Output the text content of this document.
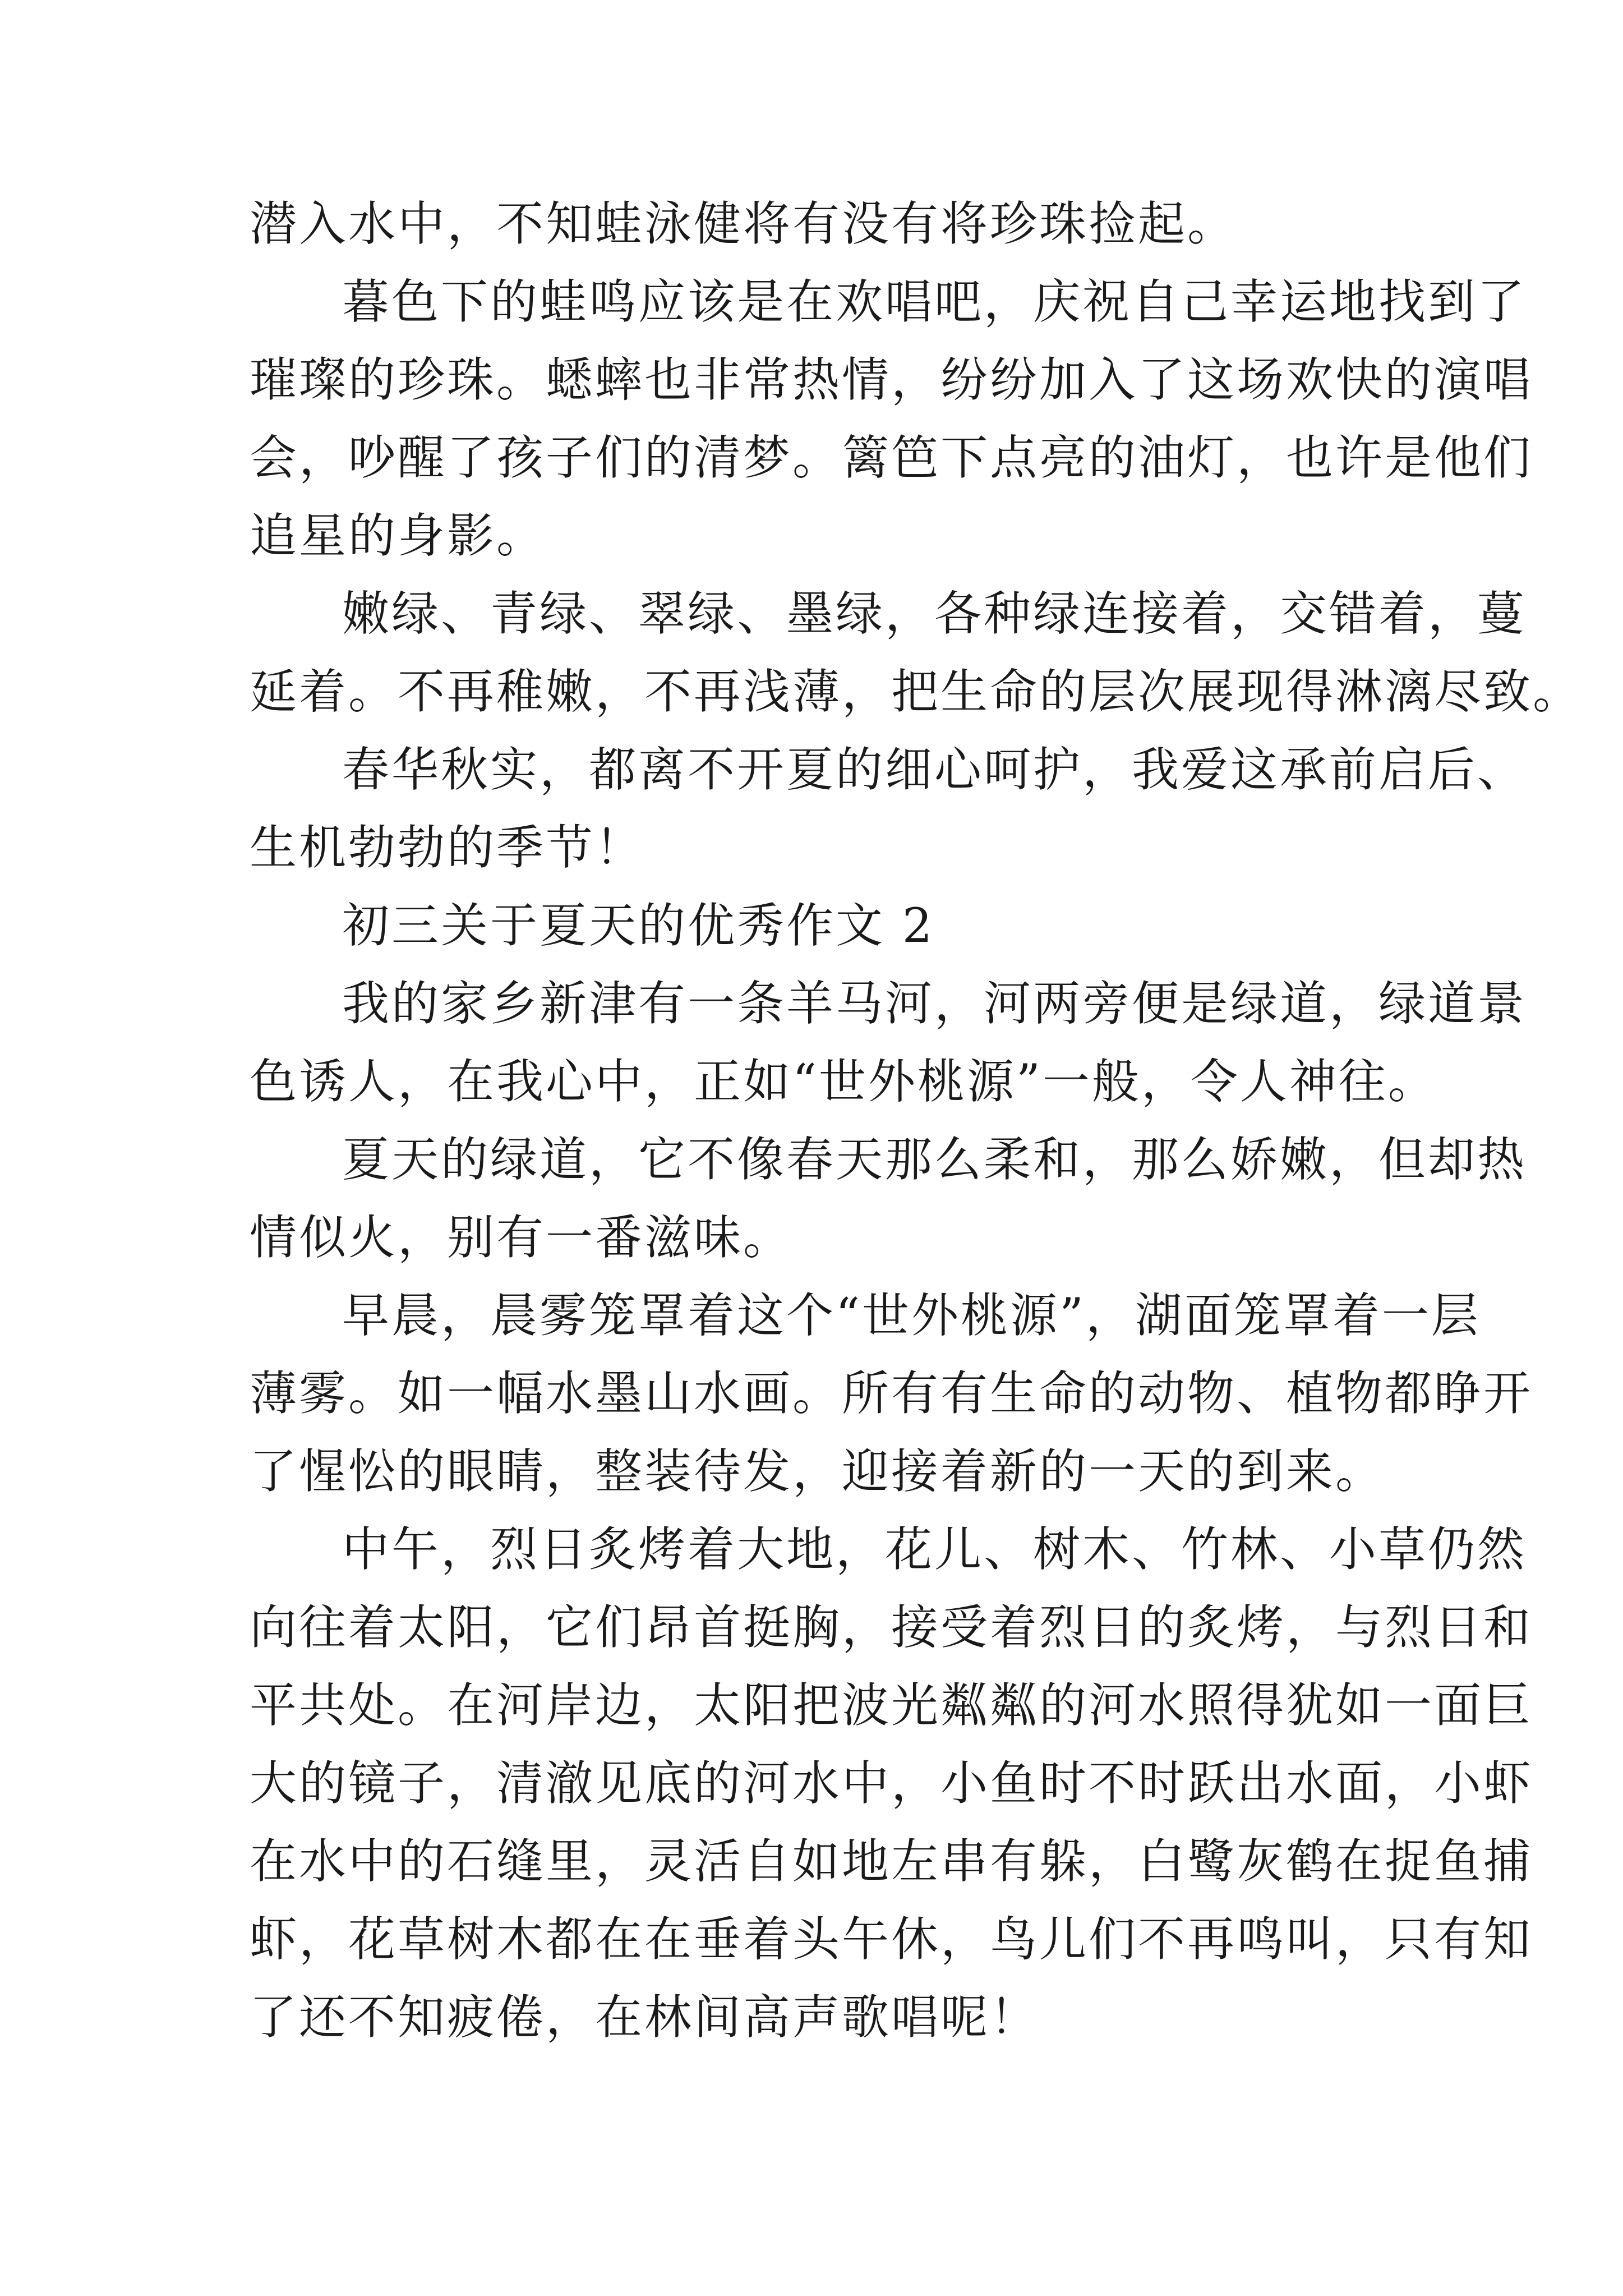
潜入水中，不知蛙泳健将有没有将珍珠捡起。
暮色下的蛙鸣应该是在欢唱吧，庆祝自己幸运地找到了
璀璨的珍珠。蟋蟀也非常热情，纷纷加入了这场欢快的演唱
会，吵醒了孩子们的清梦。篱笆下点亮的油灯，也许是他们
追星的身影。
嫩绿、青绿、翠绿、墨绿，各种绿连接着，交错着，蔓
延着。不再稚嫩，不再浅薄，把生命的层次展现得淋漓尽致。
春华秋实，都离不开夏的细心呵护，我爱这承前启后、
生机勃勃的季节！
初三关于夏天的优秀作文 2
我的家乡新津有一条羊马河，河两旁便是绿道，绿道景
色诱人，在我心中，正如“世外桃源”一般，令人神往。
夏天的绿道，它不像春天那么柔和，那么娇嫩，但却热
情似火，别有一番滋味。
早晨，晨雾笼罩着这个“世外桃源”，湖面笼罩着一层
薄雾。如一幅水墨山水画。所有有生命的动物、植物都睁开
了惺忪的眼睛，整装待发，迎接着新的一天的到来。
中午，烈日炙烤着大地，花儿、树木、竹林、小草仍然
向往着太阳，它们昂首挺胸，接受着烈日的炙烤，与烈日和
平共处。在河岸边，太阳把波光粼粼的河水照得犹如一面巨
大的镜子，清澈见底的河水中，小鱼时不时跃出水面，小虾
在水中的石缝里，灵活自如地左串有躲，白鹭灰鹤在捉鱼捕
虾，花草树木都在在垂着头午休，鸟儿们不再鸣叫，只有知
了还不知疲倦，在林间高声歌唱呢！
